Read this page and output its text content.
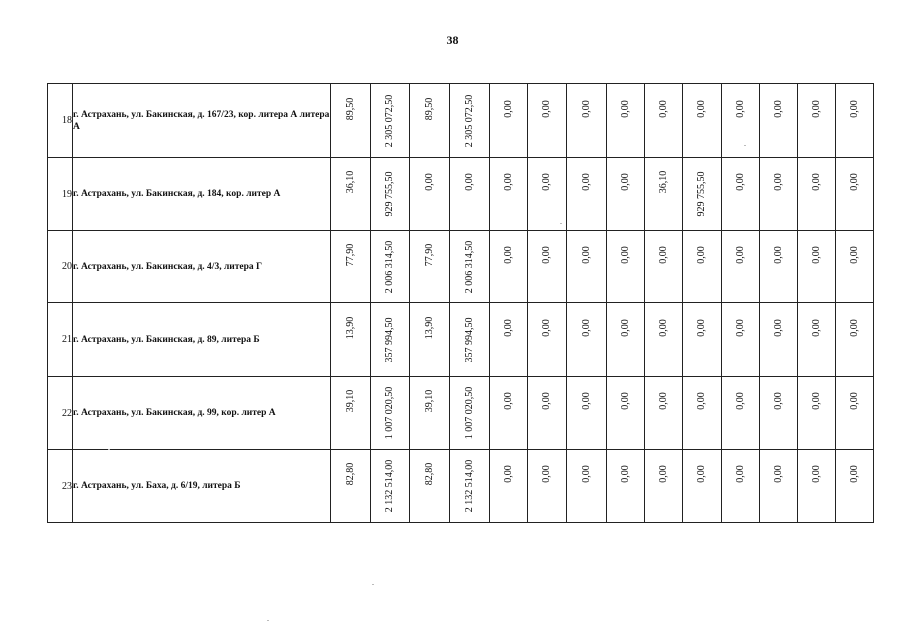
38
18	г. Астрахань, ул. Бакинская, д. 167/23, кор. литера А литера А	89,50	2 305 072,50	89,50	2 305 072,50	0,00	0,00	0,00	0,00	0,00	0,00	0,00	0,00	0,00	0,00

19	г. Астрахань, ул. Бакинская, д. 184, кор. литер А	36,10	929 755,50	0,00	0,00	0,00	0,00	0,00	0,00	36,10	929 755,50	0,00	0,00	0,00	0,00

20	г. Астрахань, ул. Бакинская, д. 4/3, литера Г	77,90	2 006 314,50	77,90	2 006 314,50	0,00	0,00	0,00	0,00	0,00	0,00	0,00	0,00	0,00	0,00

21	г. Астрахань, ул. Бакинская, д. 89, литера Б	13,90	357 994,50	13,90	357 994,50	0,00	0,00	0,00	0,00	0,00	0,00	0,00	0,00	0,00	0,00

22	г. Астрахань, ул. Бакинская, д. 99, кор. литер А	39,10	1 007 020,50	39,10	1 007 020,50	0,00	0,00	0,00	0,00	0,00	0,00	0,00	0,00	0,00	0,00

23	г. Астрахань, ул. Баха, д. 6/19, литера Б	82,80	2 132 514,00	82,80	2 132 514,00	0,00	0,00	0,00	0,00	0,00	0,00	0,00	0,00	0,00	0,00
